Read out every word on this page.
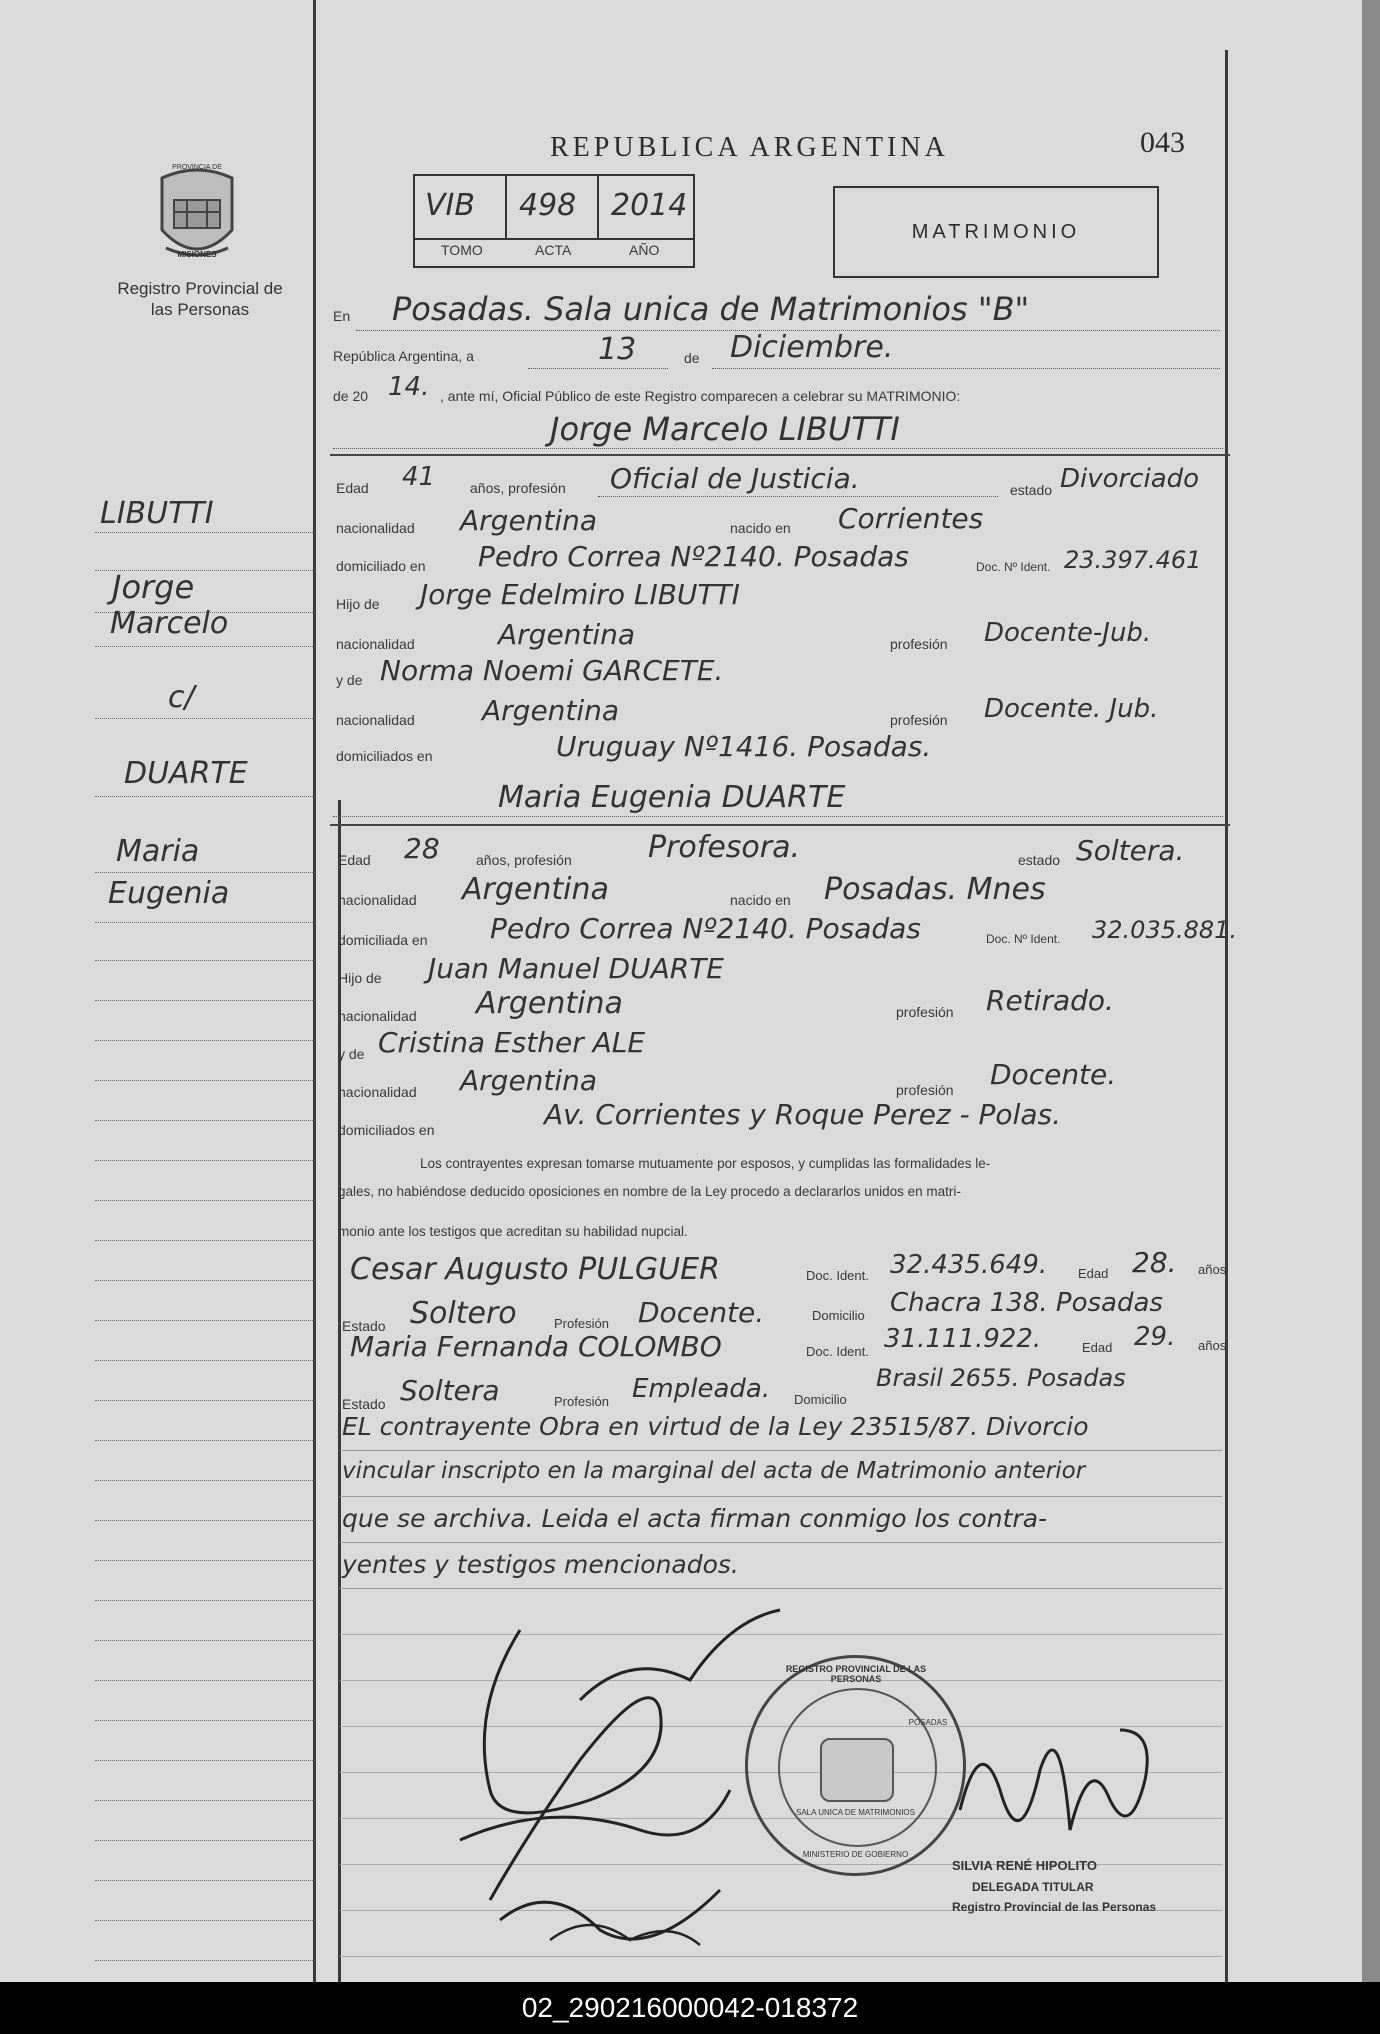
PROVINCIA DE
MISIONES
Registro Provincial de las Personas
REPUBLICA ARGENTINA	043
VIB 498 2014
TOMO	ACTA	AÑO
MATRIMONIO
En Posadas. Sala unica de Matrimonios "B"
República Argentina, a	13	de Diciembre.
de 20 14. , ante mí, Oficial Público de este Registro comparecen a celebrar su MATRIMONIO:
Jorge Marcelo LIBUTTI
Edad 41 años, profesión Oficial de Justicia.	estado Divorciado
nacionalidad Argentina	nacido en Corrientes
domiciliado en Pedro Correa Nº2140. Posadas	Doc. Nº Ident. 23.397.461
Hijo de Jorge Edelmiro LIBUTTI
nacionalidad	Argentina	profesión Docente-Jub.
y de Norma Noemi GARCETE.
nacionalidad Argentina	profesión Docente. Jub.
domiciliados en	Uruguay Nº1416. Posadas.
Maria Eugenia DUARTE
Edad 28	años, profesión	Profesora.	estado Soltera.
nacionalidad Argentina	nacido en Posadas. Mnes
domiciliada en Pedro Correa Nº2140. Posadas	Doc. Nº Ident. 32.035.881.
Hijo de Juan Manuel DUARTE
nacionalidad Argentina	profesión Retirado.
y de Cristina Esther ALE
nacionalidad Argentina	profesión Docente.
domiciliados en	Av. Corrientes y Roque Perez - Polas.
Los contrayentes expresan tomarse mutuamente por esposos, y cumplidas las formalidades le-
gales, no habiéndose deducido oposiciones en nombre de la Ley procedo a declararlos unidos en matri-
monio ante los testigos que acreditan su habilidad nupcial.
Cesar Augusto PULGUER	Doc. Ident. 32.435.649. Edad 28. años
Estado Soltero	Profesión Docente.	Domicilio Chacra 138. Posadas
Maria Fernanda COLOMBO	Doc. Ident. 31.111.922.	Edad 29. años
Estado Soltera	Profesión Empleada. Domicilio
Brasil 2655. Posadas
EL contrayente Obra en virtud de la Ley 23515/87. Divorcio
vincular inscripto en la marginal del acta de Matrimonio anterior
que se archiva. Leida el acta firman conmigo los contra-
yentes y testigos mencionados.
REGISTRO PROVINCIAL DE LAS PERSONAS
SALA UNICA DE MATRIMONIOS
MINISTERIO DE GOBIERNO
POSADAS
SILVIA RENÉ HIPOLITO
DELEGADA TITULAR
Registro Provincial de las Personas
LIBUTTI
Jorge
Marcelo
c/
DUARTE
Maria
Eugenia
02_290216000042-018372
